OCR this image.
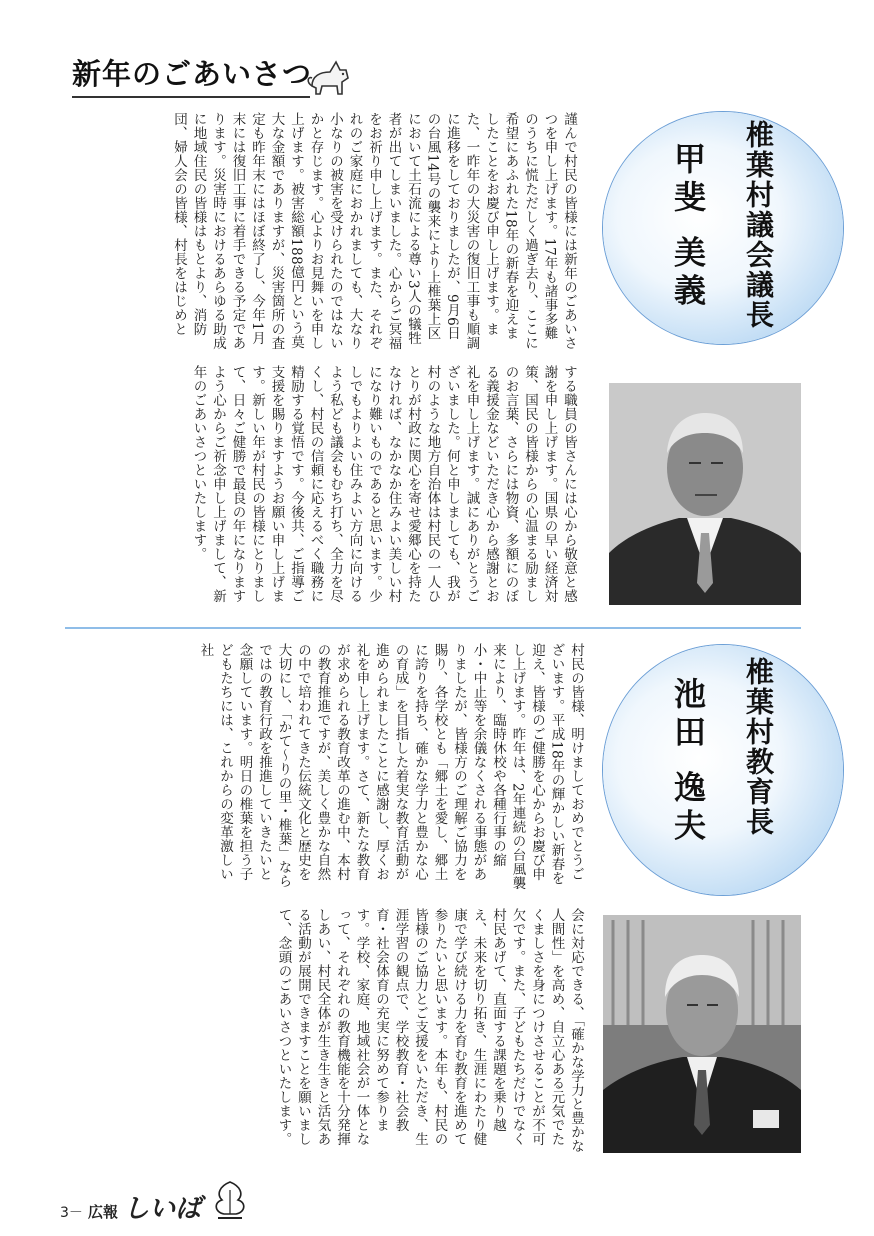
新年のごあいさつ
謹んで村民の皆様には新年のごあいさつを申し上げます。17年も諸事多難のうちに慌ただしく過ぎ去り、ここに希望にあふれた18年の新春を迎えましたことをお慶び申し上げます。また、一昨年の大災害の復旧工事も順調に進移をしておりましたが、9月6日の台風14号の襲来により上椎葉上区において土石流による尊い3人の犠牲者が出てしまいました。心からご冥福をお祈り申し上げます。また、それぞれのご家庭におかれましても、大なり小なりの被害を受けられたのではないかと存じます。心よりお見舞いを申し上げます。被害総額188億円という莫大な金額でありますが、災害箇所の査定も昨年末にはほぼ終了し、今年1月末には復旧工事に着手できる予定であります。災害時におけるあらゆる助成に地域住民の皆様はもとより、消防団、婦人会の皆様、村長をはじめと
する職員の皆さんには心から敬意と感謝を申し上げます。国県の早い経済対策、国民の皆様からの心温まる励ましのお言葉、さらには物資、多額にのぼる義援金などいただき心から感謝とお礼を申し上げます。誠にありがとうございました。何と申しましても、我が村のような地方自治体は村民の一人ひとりが村政に関心を寄せ愛郷心を持たなければ、なかなか住みよい美しい村になり難いものであると思います。少しでもよりよい住みよい方向に向けるよう私ども議会もむち打ち、全力を尽くし、村民の信頼に応えるべく職務に精励する覚悟です。今後共、ご指導ご支援を賜りますようお願い申し上げます。新しい年が村民の皆様にとりまして、日々ご健勝で最良の年になりますよう心からご祈念申し上げまして、新年のごあいさつといたします。
椎葉村議会議長
甲斐 美義
椎葉村教育長
池田 逸夫
村民の皆様、明けましておめでとうございます。平成18年の輝かしい新春を迎え、皆様のご健勝を心からお慶び申し上げます。昨年は、2年連続の台風襲来により、臨時休校や各種行事の縮小・中止等を余儀なくされる事態がありましたが、皆様方のご理解ご協力を賜り、各学校とも「郷土を愛し、郷土に誇りを持ち、確かな学力と豊かな心の育成」を目指した着実な教育活動が進められましたことに感謝し、厚くお礼を申し上げます。さて、新たな教育が求められる教育改革の進む中、本村の教育推進ですが、美しく豊かな自然の中で培われてきた伝統文化と歴史を大切にし、「かて～りの里・椎葉」ならではの教育行政を推進していきたいと念願しています。明日の椎葉を担う子どもたちには、これからの変革激しい社
会に対応できる、「確かな学力と豊かな人間性」を高め、自立心ある元気でたくましさを身につけさせることが不可欠です。また、子どもたちだけでなく村民あげて、直面する課題を乗り越え、未来を切り拓き、生涯にわたり健康で学び続ける力を育む教育を進めて参りたいと思います。本年も、村民の皆様のご協力とご支援をいただき、生涯学習の観点で、学校教育・社会教育・社会体育の充実に努めて参ります。学校、家庭、地域社会が一体となって、それぞれの教育機能を十分発揮しあい、村民全体が生き生きと活気ある活動が展開できますことを願いまして、念頭のごあいさつといたします。
3－ 広報 しいば
